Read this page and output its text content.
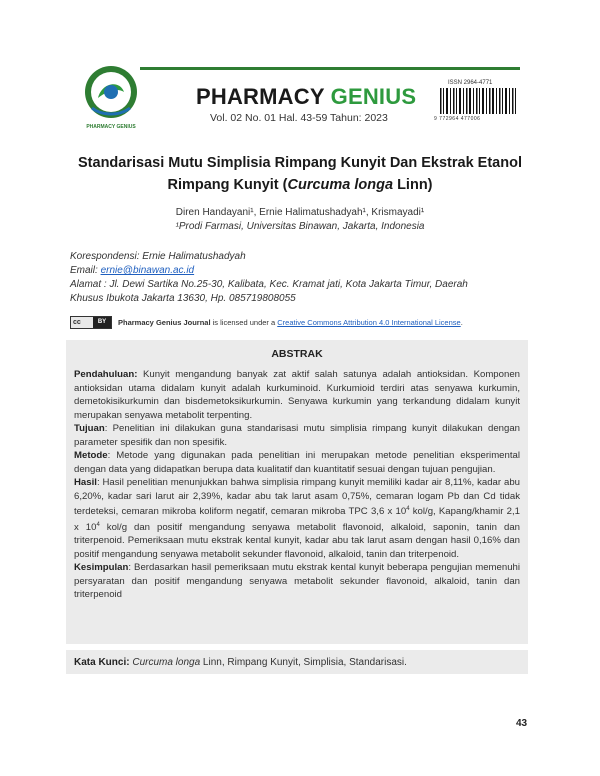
PHARMACY GENIUS
PHARMACY GENIUS
Vol. 02 No. 01 Hal. 43-59 Tahun: 2023
ISSN 2964-4771
9 772964 477006
Standarisasi Mutu Simplisia Rimpang Kunyit Dan Ekstrak Etanol
Rimpang Kunyit (Curcuma longa Linn)
Diren Handayani¹, Ernie Halimatushadyah¹, Krismayadi¹
¹Prodi Farmasi, Universitas Binawan, Jakarta, Indonesia
Korespondensi: Ernie Halimatushadyah
Email: ernie@binawan.ac.id
Alamat : Jl. Dewi Sartika No.25-30, Kalibata, Kec. Kramat jati, Kota Jakarta Timur, Daerah
Khusus Ibukota Jakarta 13630, Hp. 085719808055
cc	BY	Pharmacy Genius Journal is licensed under a Creative Commons Attribution 4.0 International License.
ABSTRAK

Pendahuluan: Kunyit mengandung banyak zat aktif salah satunya adalah antioksidan. Komponen antioksidan utama didalam kunyit adalah kurkuminoid. Kurkumioid terdiri atas senyawa kurkumin, demetokisikurkumin dan bisdemetoksikurkumin. Senyawa kurkumin yang terkandung didalam kunyit merupakan senyawa metabolit terpenting.

Tujuan: Penelitian ini dilakukan guna standarisasi mutu simplisia rimpang kunyit dilakukan dengan parameter spesifik dan non spesifik.

Metode: Metode yang digunakan pada penelitian ini merupakan metode penelitian eksperimental dengan data yang didapatkan berupa data kualitatif dan kuantitatif sesuai dengan tujuan pengujian.

Hasil: Hasil penelitian menunjukkan bahwa simplisia rimpang kunyit memiliki kadar air 8,11%, kadar abu 6,20%, kadar sari larut air 2,39%, kadar abu tak larut asam 0,75%, cemaran logam Pb dan Cd tidak terdeteksi, cemaran mikroba koliform negatif, cemaran mikroba TPC 3,6 x $10^4$ kol/g, Kapang/khamir 2,1 x $10^4$ kol/g dan positif mengandung senyawa metabolit flavonoid, alkaloid, saponin, tanin dan triterpenoid. Pemeriksaan mutu ekstrak kental kunyit, kadar abu tak larut asam dengan hasil 0,16% dan positif mengandung senyawa metabolit sekunder flavonoid, alkaloid, tanin dan triterpenoid.

Kesimpulan: Berdasarkan hasil pemeriksaan mutu ekstrak kental kunyit beberapa pengujian memenuhi persyaratan dan positif mengandung senyawa metabolit sekunder flavonoid, alkaloid, tanin dan triterpenoid

Kata Kunci: Curcuma longa Linn, Rimpang Kunyit, Simplisia, Standarisasi.
43
